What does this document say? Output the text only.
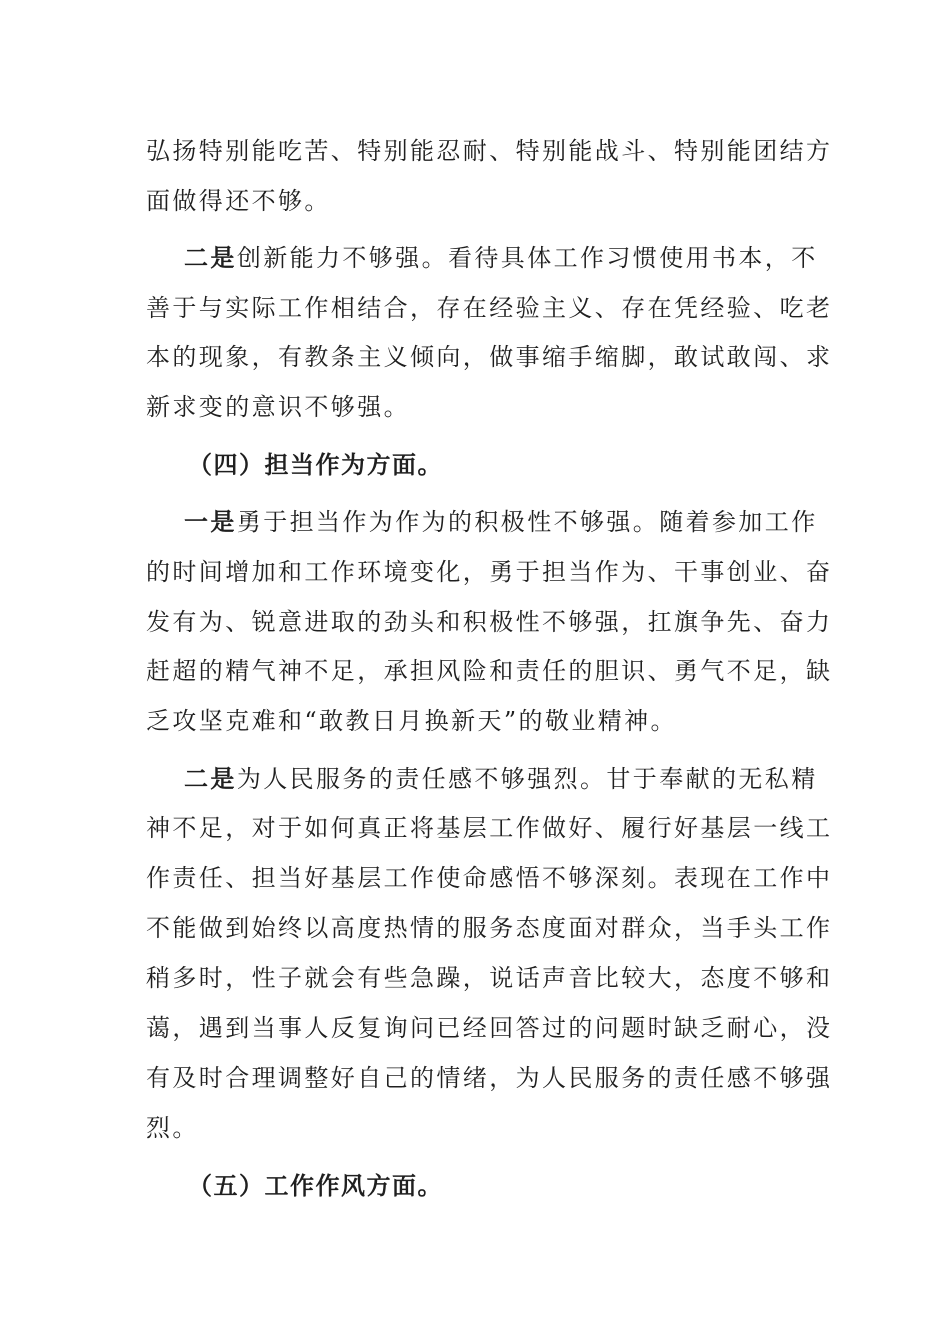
弘扬特别能吃苦、特别能忍耐、特别能战斗、特别能团结方
面做得还不够。
二是创新能力不够强。看待具体工作习惯使用书本，不
善于与实际工作相结合，存在经验主义、存在凭经验、吃老
本的现象，有教条主义倾向，做事缩手缩脚，敢试敢闯、求
新求变的意识不够强。
（四）担当作为方面。
一是勇于担当作为作为的积极性不够强。随着参加工作
的时间增加和工作环境变化，勇于担当作为、干事创业、奋
发有为、锐意进取的劲头和积极性不够强，扛旗争先、奋力
赶超的精气神不足，承担风险和责任的胆识、勇气不足，缺
乏攻坚克难和“敢教日月换新天”的敬业精神。
二是为人民服务的责任感不够强烈。甘于奉献的无私精
神不足，对于如何真正将基层工作做好、履行好基层一线工
作责任、担当好基层工作使命感悟不够深刻。表现在工作中
不能做到始终以高度热情的服务态度面对群众，当手头工作
稍多时，性子就会有些急躁，说话声音比较大，态度不够和
蔼，遇到当事人反复询问已经回答过的问题时缺乏耐心，没
有及时合理调整好自己的情绪，为人民服务的责任感不够强
烈。
（五）工作作风方面。
